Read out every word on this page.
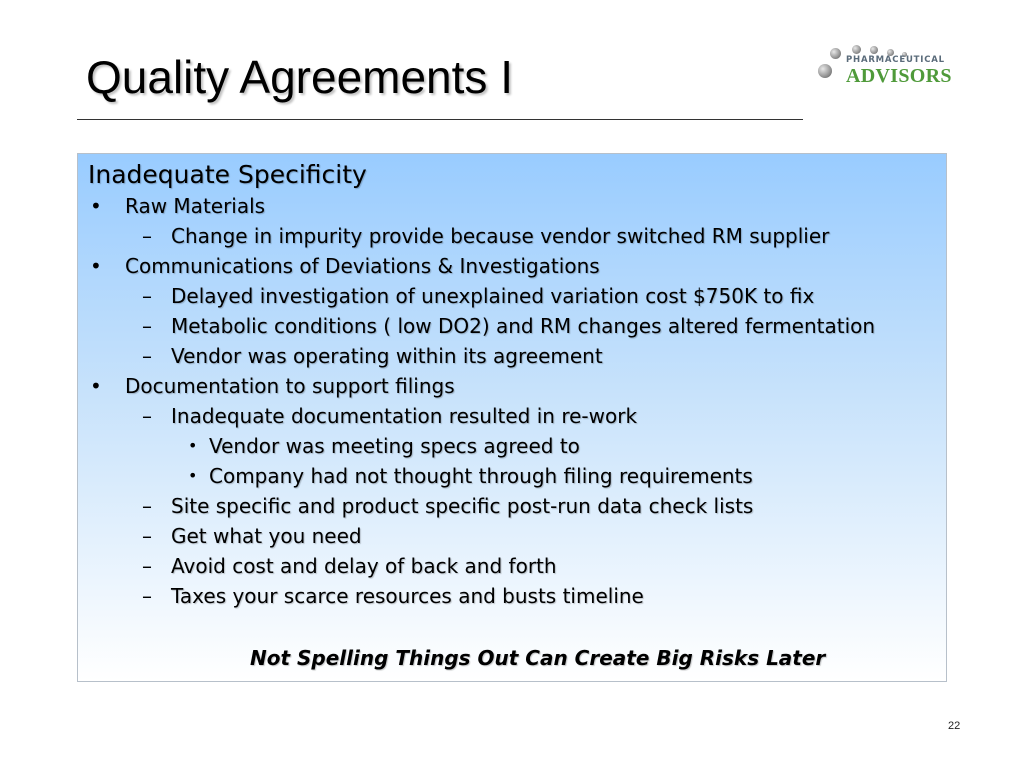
Quality Agreements I	PHARMACEUTICAL
ADVISORS
Inadequate Specificity
• Raw Materials
– Change in impurity provide because vendor switched RM supplier
• Communications of Deviations & Investigations
– Delayed investigation of unexplained variation cost $750K to fix
– Metabolic conditions ( low DO2) and RM changes altered fermentation
– Vendor was operating within its agreement
• Documentation to support filings
– Inadequate documentation resulted in re-work
• Vendor was meeting specs agreed to
• Company had not thought through filing requirements
– Site specific and product specific post-run data check lists
– Get what you need
– Avoid cost and delay of back and forth
– Taxes your scarce resources and busts timeline
Not Spelling Things Out Can Create Big Risks Later
22
